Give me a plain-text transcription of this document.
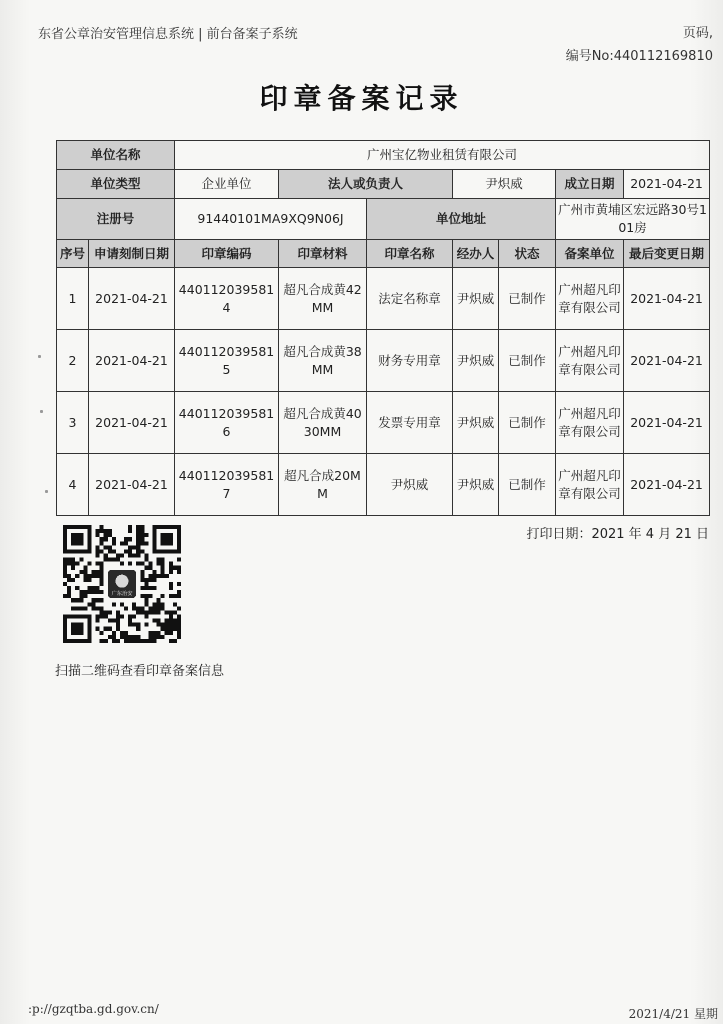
东省公章治安管理信息系统 | 前台备案子系统	页码,
编号No:440112169810
印章备案记录
单位名称		广州宝亿物业租赁有限公司						
单位类型		企业单位	法人或负责人		尹炽威		成立日期	2021-04-21
注册号		91440101MA9XQ9N06J		单位地址			广州市黄埔区宏远路30号101房	
序号	申请刻制日期	印章编码	印章材料	印章名称	经办人	状态	备案单位	最后变更日期
1	2021-04-21	4401120395814	超凡合成黄42MM	法定名称章	尹炽威	已制作	广州超凡印章有限公司	2021-04-21
2	2021-04-21	4401120395815	超凡合成黄38MM	财务专用章	尹炽威	已制作	广州超凡印章有限公司	2021-04-21
3	2021-04-21	4401120395816	超凡合成黄4030MM	发票专用章	尹炽威	已制作	广州超凡印章有限公司	2021-04-21
4	2021-04-21	4401120395817	超凡合成20MM	尹炽威	尹炽威	已制作	广州超凡印章有限公司	2021-04-21
打印日期：2021 年 4 月 21 日
广东治安
扫描二维码查看印章备案信息
:p://gzqtba.gd.gov.cn/	2021/4/21 星期
